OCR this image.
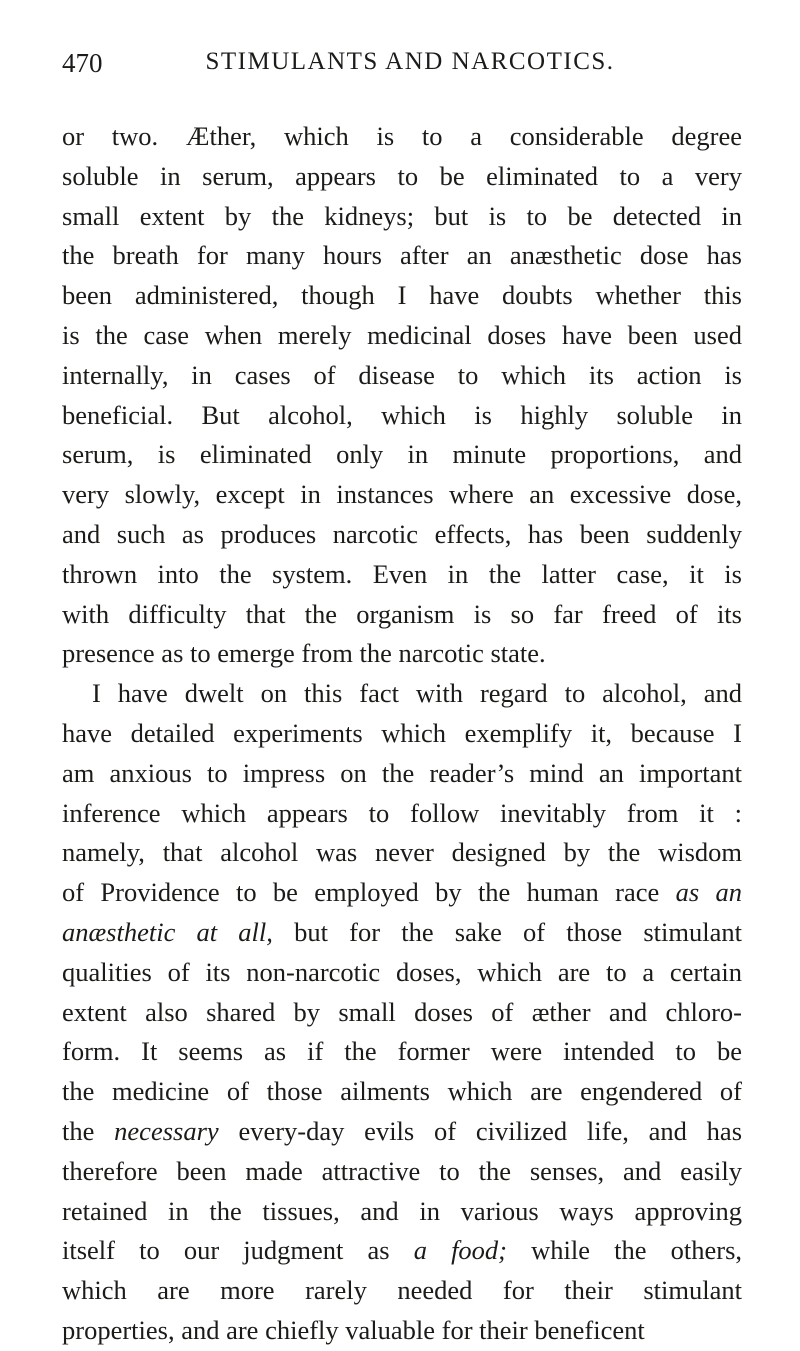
470	STIMULANTS AND NARCOTICS.
or two. Æther, which is to a considerable degree
soluble in serum, appears to be eliminated to a very
small extent by the kidneys; but is to be detected in
the breath for many hours after an anæsthetic dose has
been administered, though I have doubts whether this
is the case when merely medicinal doses have been used
internally, in cases of disease to which its action is
beneficial. But alcohol, which is highly soluble in
serum, is eliminated only in minute proportions, and
very slowly, except in instances where an excessive dose,
and such as produces narcotic effects, has been suddenly
thrown into the system. Even in the latter case, it is
with difficulty that the organism is so far freed of its
presence as to emerge from the narcotic state.
I have dwelt on this fact with regard to alcohol, and
have detailed experiments which exemplify it, because I
am anxious to impress on the reader’s mind an important
inference which appears to follow inevitably from it :
namely, that alcohol was never designed by the wisdom
of Providence to be employed by the human race as an
anæsthetic at all, but for the sake of those stimulant
qualities of its non-narcotic doses, which are to a certain
extent also shared by small doses of æther and chloro-
form. It seems as if the former were intended to be
the medicine of those ailments which are engendered of
the necessary every-day evils of civilized life, and has
therefore been made attractive to the senses, and easily
retained in the tissues, and in various ways approving
itself to our judgment as a food; while the others,
which are more rarely needed for their stimulant
properties, and are chiefly valuable for their beneficent
